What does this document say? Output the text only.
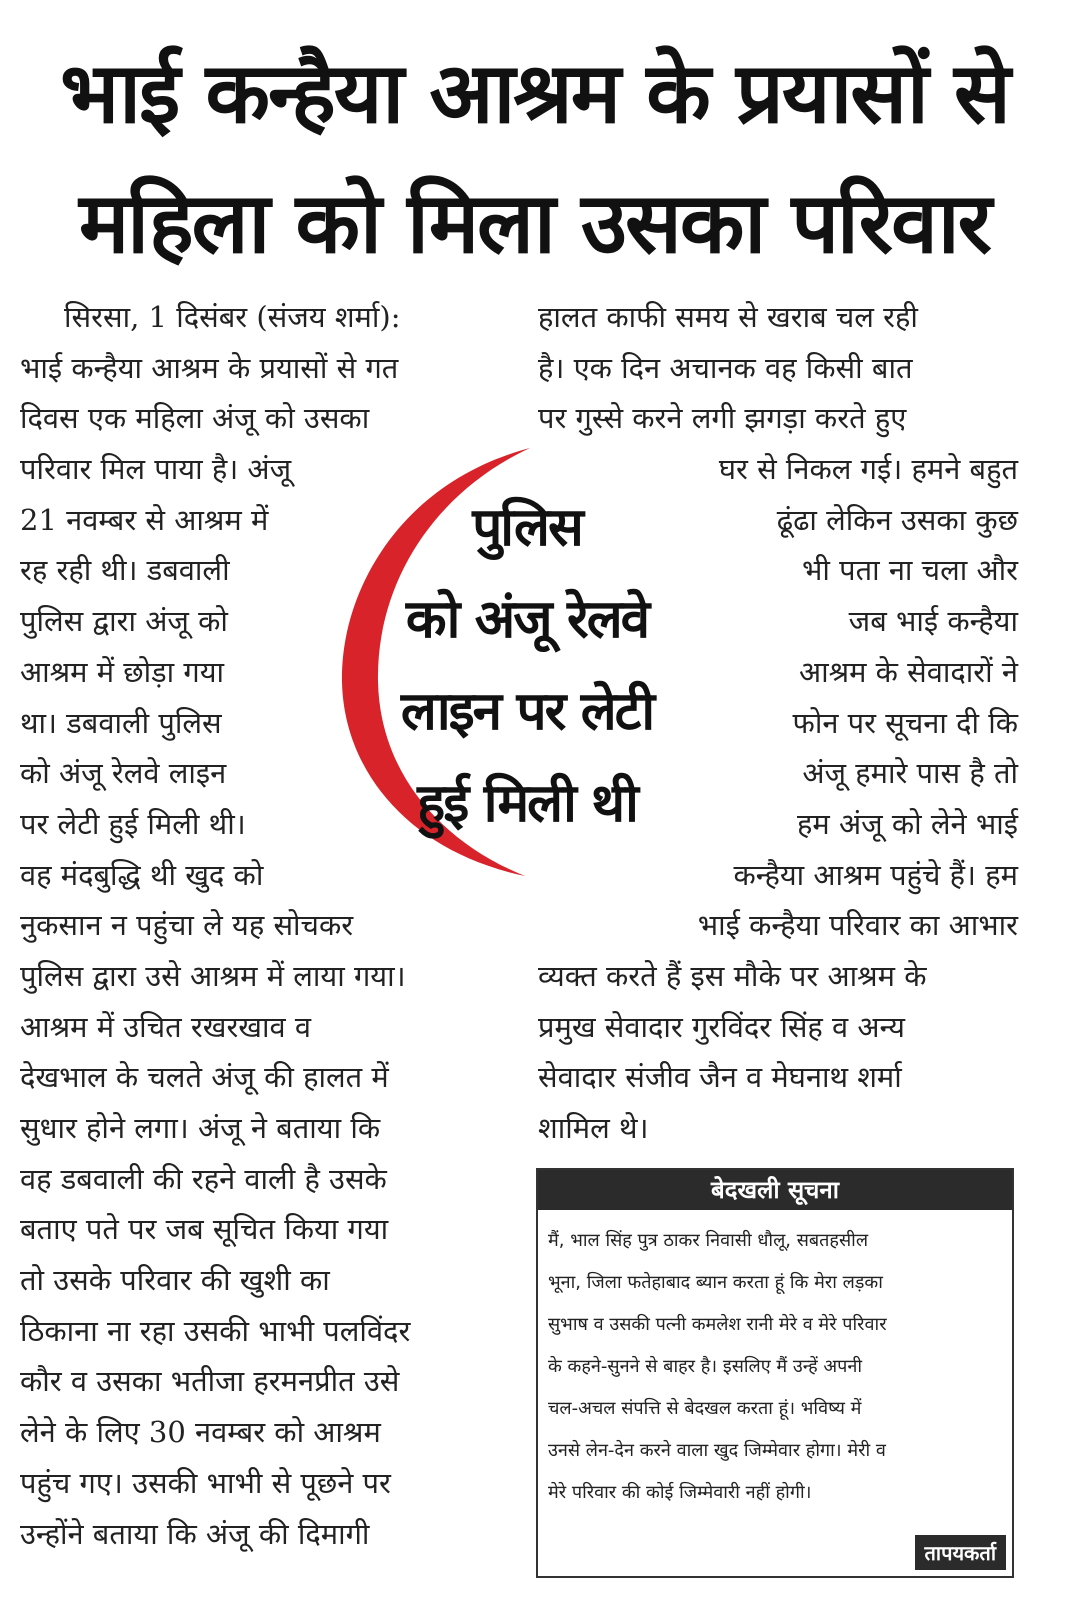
भाई कन्हैया आश्रम के प्रयासों से
महिला को मिला उसका परिवार
सिरसा, 1 दिसंबर (संजय शर्मा):
भाई कन्हैया आश्रम के प्रयासों से गत
दिवस एक महिला अंजू को उसका
परिवार मिल पाया है। अंजू
21 नवम्बर से आश्रम में
रह रही थी। डबवाली
पुलिस द्वारा अंजू को
आश्रम में छोड़ा गया
था। डबवाली पुलिस
को अंजू रेलवे लाइन
पर लेटी हुई मिली थी।
वह मंदबुद्धि थी खुद को
नुकसान न पहुंचा ले यह सोचकर
पुलिस द्वारा उसे आश्रम में लाया गया।
आश्रम में उचित रखरखाव व
देखभाल के चलते अंजू की हालत में
सुधार होने लगा। अंजू ने बताया कि
वह डबवाली की रहने वाली है उसके
बताए पते पर जब सूचित किया गया
तो उसके परिवार की खुशी का
ठिकाना ना रहा उसकी भाभी पलविंदर
कौर व उसका भतीजा हरमनप्रीत उसे
लेने के लिए 30 नवम्बर को आश्रम
पहुंच गए। उसकी भाभी से पूछने पर
उन्होंने बताया कि अंजू की दिमागी
हालत काफी समय से खराब चल रही
है। एक दिन अचानक वह किसी बात
पर गुस्से करने लगी झगड़ा करते हुए
घर से निकल गई। हमने बहुत
ढूंढा लेकिन उसका कुछ
भी पता ना चला और
जब भाई कन्हैया
आश्रम के सेवादारों ने
फोन पर सूचना दी कि
अंजू हमारे पास है तो
हम अंजू को लेने भाई
कन्हैया आश्रम पहुंचे हैं। हम
भाई कन्हैया परिवार का आभार
व्यक्त करते हैं इस मौके पर आश्रम के
प्रमुख सेवादार गुरविंदर सिंह व अन्य
सेवादार संजीव जैन व मेघनाथ शर्मा
शामिल थे।
पुलिस
को अंजू रेलवे
लाइन पर लेटी
हुई मिली थी
बेदखली सूचना
मैं, भाल सिंह पुत्र ठाकर निवासी धौलू, सबतहसील
भूना, जिला फतेहाबाद ब्यान करता हूं कि मेरा लड़का
सुभाष व उसकी पत्नी कमलेश रानी मेरे व मेरे परिवार
के कहने-सुनने से बाहर है। इसलिए मैं उन्हें अपनी
चल-अचल संपत्ति से बेदखल करता हूं। भविष्य में
उनसे लेन-देन करने वाला खुद जिम्मेवार होगा। मेरी व
मेरे परिवार की कोई जिम्मेवारी नहीं होगी।
तापयकर्ता
